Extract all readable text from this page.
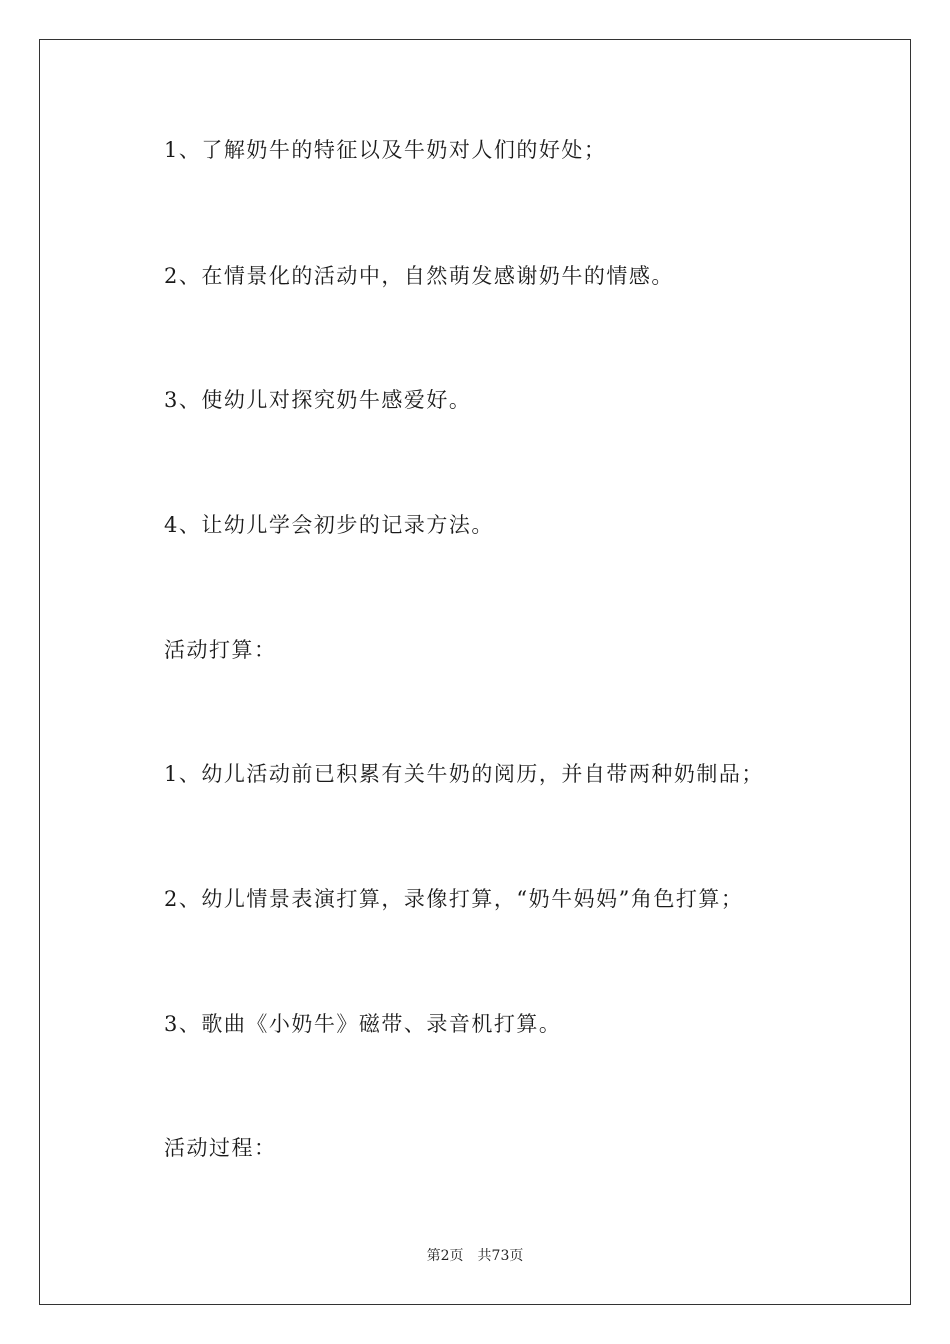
1、了解奶牛的特征以及牛奶对人们的好处；
2、在情景化的活动中，自然萌发感谢奶牛的情感。
3、使幼儿对探究奶牛感爱好。
4、让幼儿学会初步的记录方法。
活动打算：
1、幼儿活动前已积累有关牛奶的阅历，并自带两种奶制品；
2、幼儿情景表演打算，录像打算，“奶牛妈妈”角色打算；
3、歌曲《小奶牛》磁带、录音机打算。
活动过程：
第2页 共73页
